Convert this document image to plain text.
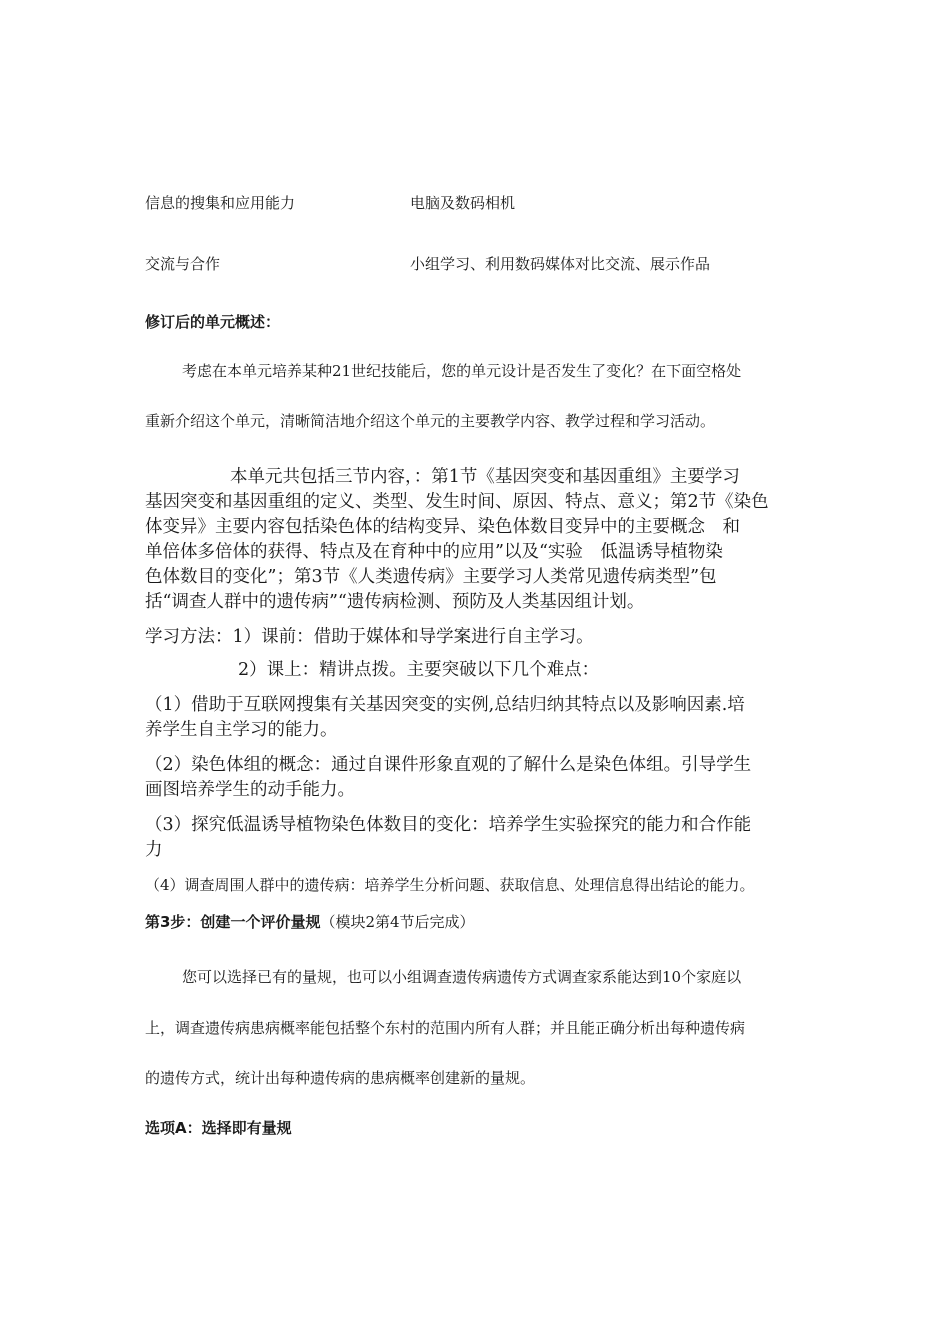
信息的搜集和应用能力	电脑及数码相机
交流与合作	小组学习、利用数码媒体对比交流、展示作品
修订后的单元概述：
考虑在本单元培养某种21世纪技能后，您的单元设计是否发生了变化？在下面空格处
重新介绍这个单元，清晰简洁地介绍这个单元的主要教学内容、教学过程和学习活动。

本单元共包括三节内容，：第1节《基因突变和基因重组》主要学习

基因突变和基因重组的定义、类型、发生时间、原因、特点、意义；第2节《染色

体变异》主要内容包括染色体的结构变异、染色体数目变异中的主要概念　和

单倍体多倍体的获得、特点及在育种中的应用”以及“实验　低温诱导植物染

色体数目的变化”；第3节《人类遗传病》主要学习人类常见遗传病类型”包

括“调查人群中的遗传病”“遗传病检测、预防及人类基因组计划。

学习方法：1）课前：借助于媒体和导学案进行自主学习。
2）课上：精讲点拨。主要突破以下几个难点：

（1）借助于互联网搜集有关基因突变的实例,总结归纳其特点以及影响因素.培

养学生自主学习的能力。

（2）染色体组的概念：通过自课件形象直观的了解什么是染色体组。引导学生

画图培养学生的动手能力。

（3）探究低温诱导植物染色体数目的变化：培养学生实验探究的能力和合作能

力

（4）调查周围人群中的遗传病：培养学生分析问题、获取信息、处理信息得出结论的能力。
第3步：创建一个评价量规（模块2第4节后完成）
您可以选择已有的量规，也可以小组调查遗传病遗传方式调查家系能达到10个家庭以
上，调查遗传病患病概率能包括整个东村的范围内所有人群；并且能正确分析出每种遗传病
的遗传方式，统计出每种遗传病的患病概率创建新的量规。
选项A：选择即有量规
